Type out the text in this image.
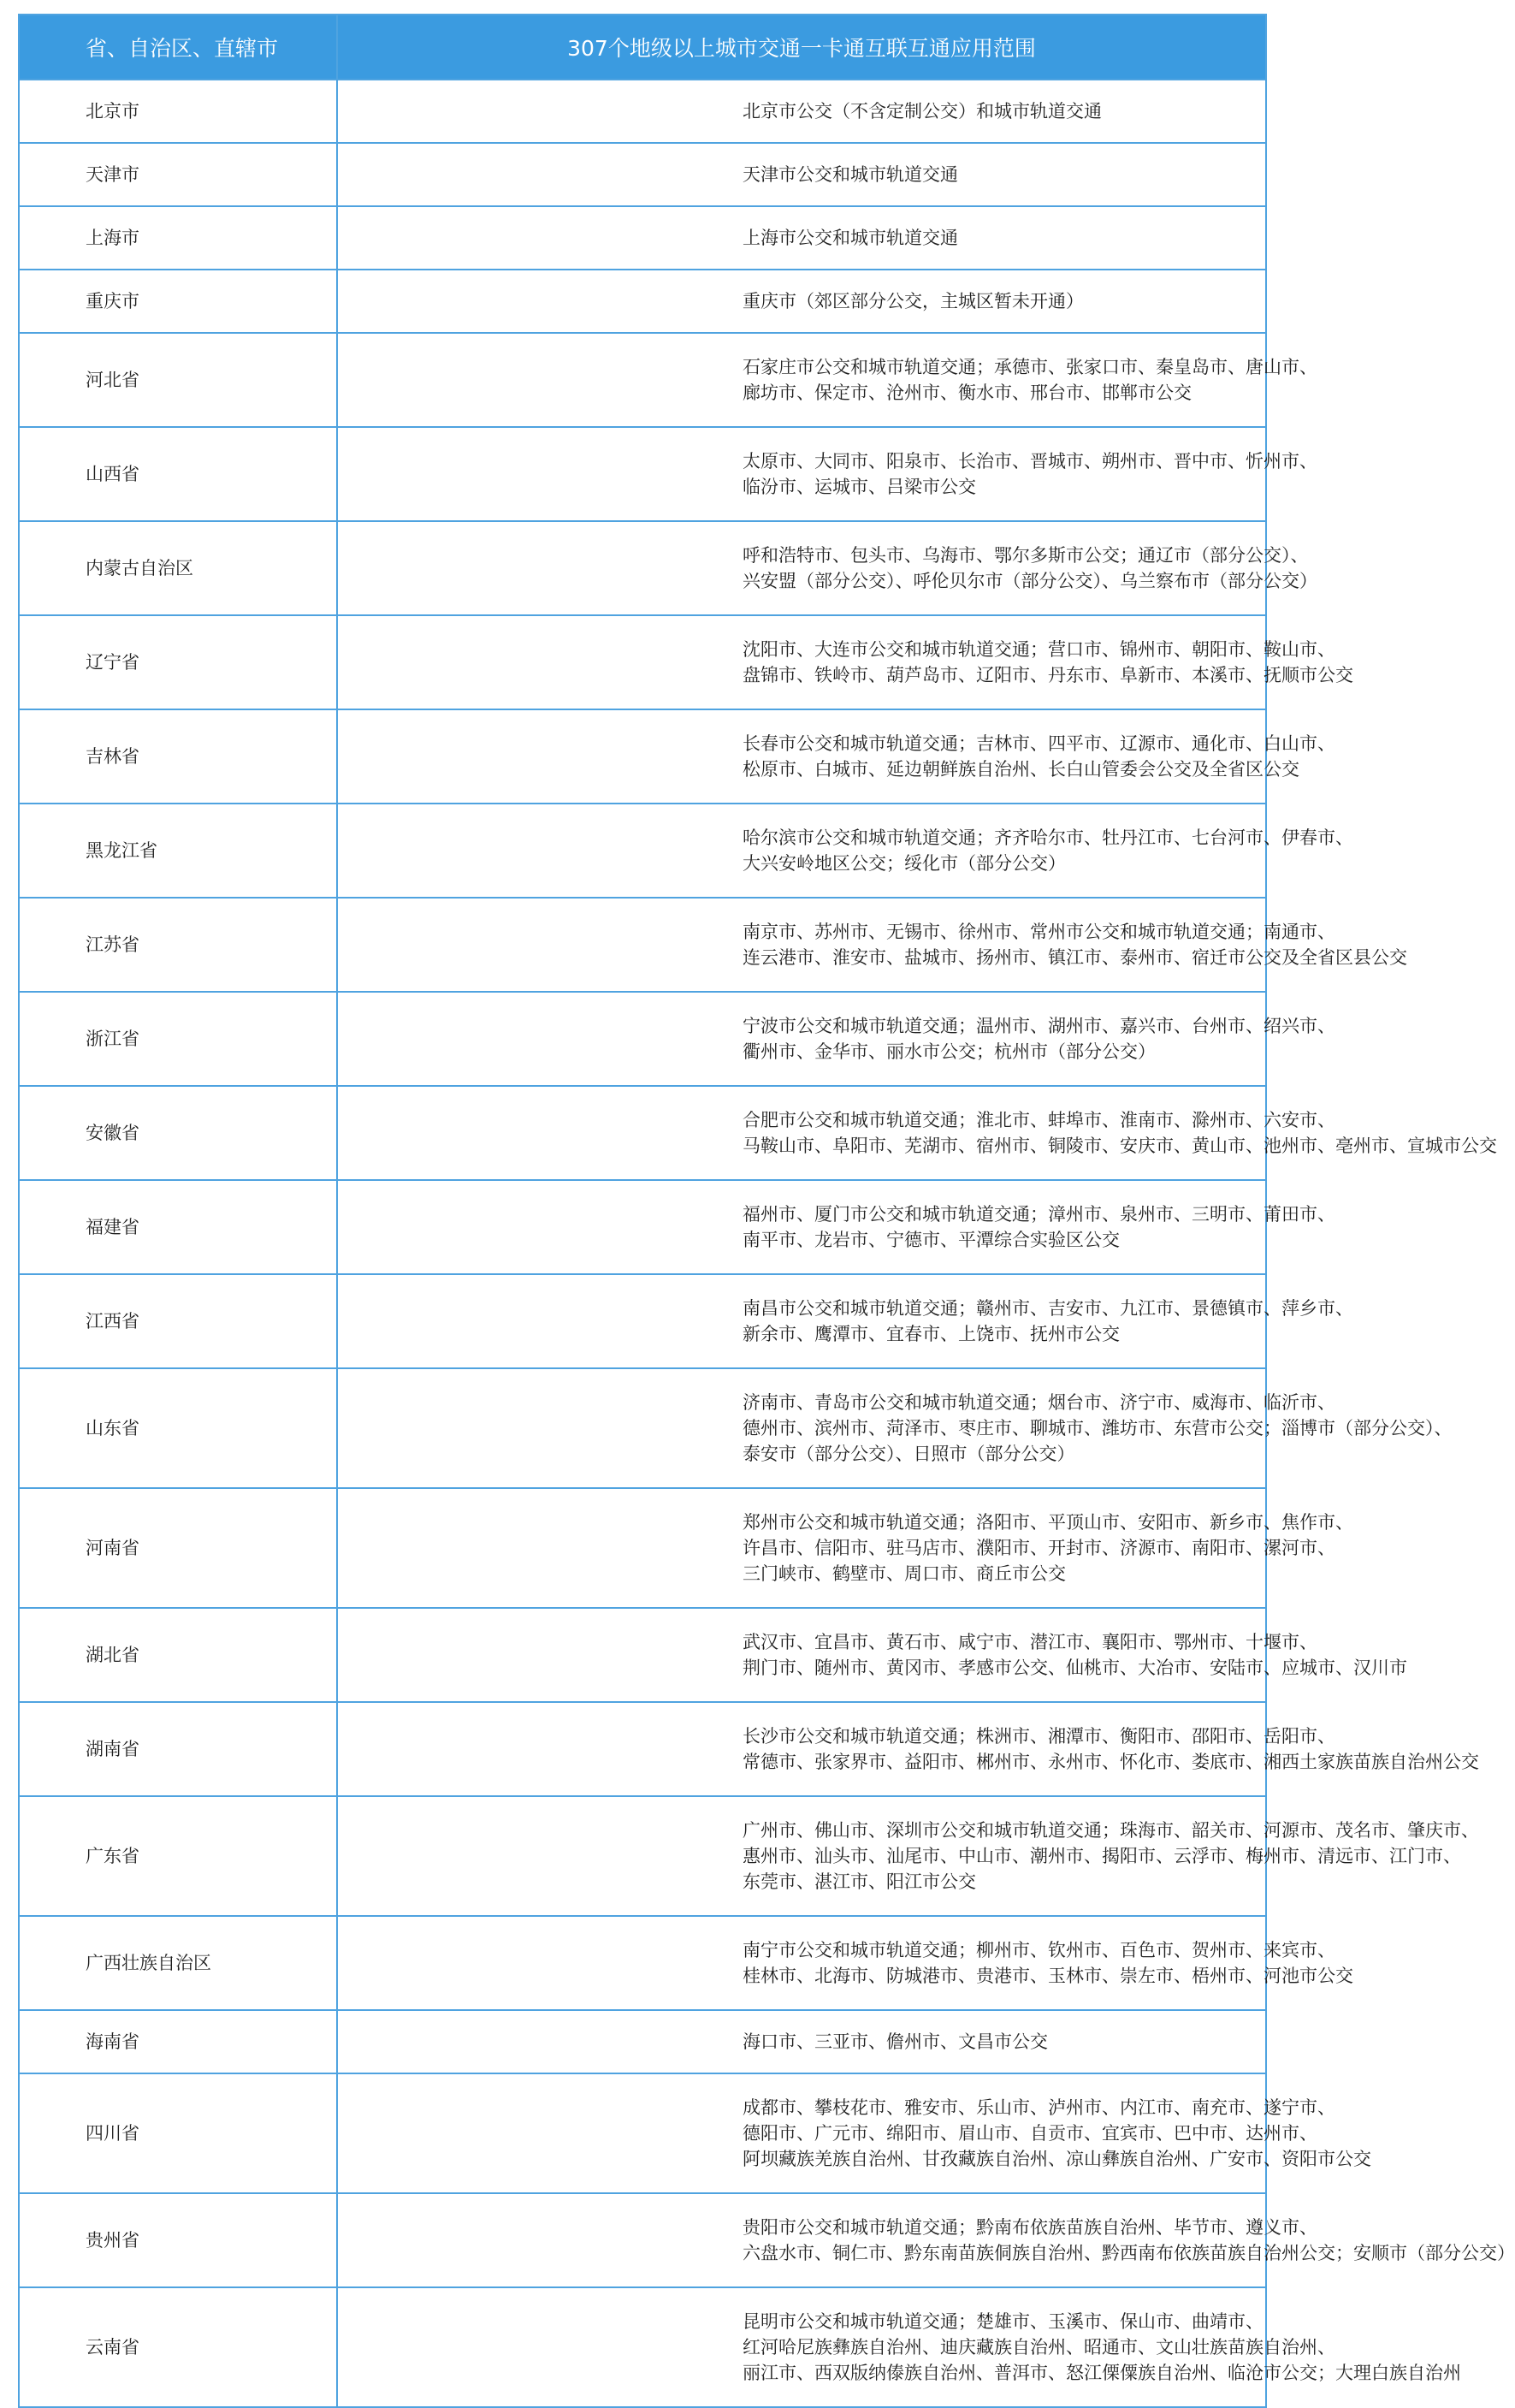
省、自治区、直辖市	307个地级以上城市交通一卡通互联互通应用范围
北京市	北京市公交（不含定制公交）和城市轨道交通

天津市	天津市公交和城市轨道交通

上海市	上海市公交和城市轨道交通

重庆市	重庆市（郊区部分公交，主城区暂未开通）

河北省	石家庄市公交和城市轨道交通；承德市、张家口市、秦皇岛市、唐山市、
廊坊市、保定市、沧州市、衡水市、邢台市、邯郸市公交

山西省	太原市、大同市、阳泉市、长治市、晋城市、朔州市、晋中市、忻州市、
临汾市、运城市、吕梁市公交

内蒙古自治区	呼和浩特市、包头市、乌海市、鄂尔多斯市公交；通辽市（部分公交）、
兴安盟（部分公交）、呼伦贝尔市（部分公交）、乌兰察布市（部分公交）

辽宁省	沈阳市、大连市公交和城市轨道交通；营口市、锦州市、朝阳市、鞍山市、
盘锦市、铁岭市、葫芦岛市、辽阳市、丹东市、阜新市、本溪市、抚顺市公交

吉林省	长春市公交和城市轨道交通；吉林市、四平市、辽源市、通化市、白山市、
松原市、白城市、延边朝鲜族自治州、长白山管委会公交及全省区公交

黑龙江省	哈尔滨市公交和城市轨道交通；齐齐哈尔市、牡丹江市、七台河市、伊春市、
大兴安岭地区公交；绥化市（部分公交）

江苏省	南京市、苏州市、无锡市、徐州市、常州市公交和城市轨道交通；南通市、
连云港市、淮安市、盐城市、扬州市、镇江市、泰州市、宿迁市公交及全省区县公交

浙江省	宁波市公交和城市轨道交通；温州市、湖州市、嘉兴市、台州市、绍兴市、
衢州市、金华市、丽水市公交；杭州市（部分公交）

安徽省	合肥市公交和城市轨道交通；淮北市、蚌埠市、淮南市、滁州市、六安市、
马鞍山市、阜阳市、芜湖市、宿州市、铜陵市、安庆市、黄山市、池州市、亳州市、宣城市公交

福建省	福州市、厦门市公交和城市轨道交通；漳州市、泉州市、三明市、莆田市、
南平市、龙岩市、宁德市、平潭综合实验区公交

江西省	南昌市公交和城市轨道交通；赣州市、吉安市、九江市、景德镇市、萍乡市、
新余市、鹰潭市、宜春市、上饶市、抚州市公交

山东省	济南市、青岛市公交和城市轨道交通；烟台市、济宁市、威海市、临沂市、
德州市、滨州市、菏泽市、枣庄市、聊城市、潍坊市、东营市公交；淄博市（部分公交）、
泰安市（部分公交）、日照市（部分公交）

河南省	郑州市公交和城市轨道交通；洛阳市、平顶山市、安阳市、新乡市、焦作市、
许昌市、信阳市、驻马店市、濮阳市、开封市、济源市、南阳市、漯河市、
三门峡市、鹤壁市、周口市、商丘市公交

湖北省	武汉市、宜昌市、黄石市、咸宁市、潜江市、襄阳市、鄂州市、十堰市、
荆门市、随州市、黄冈市、孝感市公交、仙桃市、大冶市、安陆市、应城市、汉川市

湖南省	长沙市公交和城市轨道交通；株洲市、湘潭市、衡阳市、邵阳市、岳阳市、
常德市、张家界市、益阳市、郴州市、永州市、怀化市、娄底市、湘西土家族苗族自治州公交

广东省	广州市、佛山市、深圳市公交和城市轨道交通；珠海市、韶关市、河源市、茂名市、肇庆市、
惠州市、汕头市、汕尾市、中山市、潮州市、揭阳市、云浮市、梅州市、清远市、江门市、
东莞市、湛江市、阳江市公交

广西壮族自治区	南宁市公交和城市轨道交通；柳州市、钦州市、百色市、贺州市、来宾市、
桂林市、北海市、防城港市、贵港市、玉林市、崇左市、梧州市、河池市公交

海南省	海口市、三亚市、儋州市、文昌市公交

四川省	成都市、攀枝花市、雅安市、乐山市、泸州市、内江市、南充市、遂宁市、
德阳市、广元市、绵阳市、眉山市、自贡市、宜宾市、巴中市、达州市、
阿坝藏族羌族自治州、甘孜藏族自治州、凉山彝族自治州、广安市、资阳市公交

贵州省	贵阳市公交和城市轨道交通；黔南布依族苗族自治州、毕节市、遵义市、
六盘水市、铜仁市、黔东南苗族侗族自治州、黔西南布依族苗族自治州公交；安顺市（部分公交）

云南省	昆明市公交和城市轨道交通；楚雄市、玉溪市、保山市、曲靖市、
红河哈尼族彝族自治州、迪庆藏族自治州、昭通市、文山壮族苗族自治州、
丽江市、西双版纳傣族自治州、普洱市、怒江傈僳族自治州、临沧市公交；大理白族自治州
